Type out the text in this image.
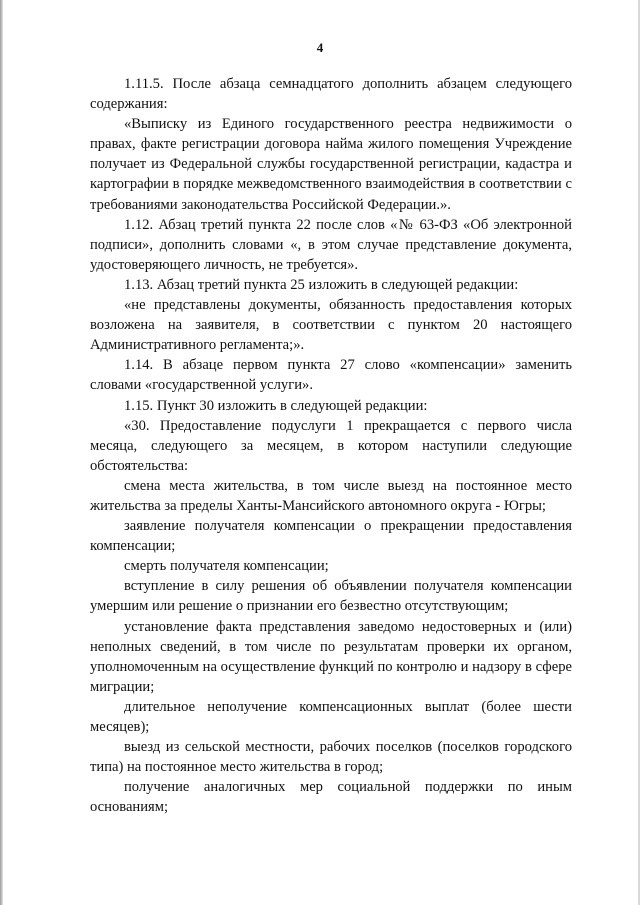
4

1.11.5. После абзаца семнадцатого дополнить абзацем следующего содержания:

«Выписку из Единого государственного реестра недвижимости о правах, факте регистрации договора найма жилого помещения Учреждение получает из Федеральной службы государственной регистрации, кадастра и картографии в порядке межведомственного взаимодействия в соответствии с требованиями законодательства Российской Федерации.».

1.12. Абзац третий пункта 22 после слов «№ 63-ФЗ «Об электронной подписи», дополнить словами «, в этом случае представление документа, удостоверяющего личность, не требуется».

1.13. Абзац третий пункта 25 изложить в следующей редакции:

«не представлены документы, обязанность предоставления которых возложена на заявителя, в соответствии с пунктом 20 настоящего Административного регламента;».

1.14. В абзаце первом пункта 27 слово «компенсации» заменить словами «государственной услуги».

1.15. Пункт 30 изложить в следующей редакции:

«30. Предоставление подуслуги 1 прекращается с первого числа месяца, следующего за месяцем, в котором наступили следующие обстоятельства:

смена места жительства, в том числе выезд на постоянное место жительства за пределы Ханты-Мансийского автономного округа - Югры;

заявление получателя компенсации о прекращении предоставления компенсации;

смерть получателя компенсации;

вступление в силу решения об объявлении получателя компенсации умершим или решение о признании его безвестно отсутствующим;

установление факта представления заведомо недостоверных и (или) неполных сведений, в том числе по результатам проверки их органом, уполномоченным на осуществление функций по контролю и надзору в сфере миграции;

длительное неполучение компенсационных выплат (более шести месяцев);

выезд из сельской местности, рабочих поселков (поселков городского типа) на постоянное место жительства в город;

получение аналогичных мер социальной поддержки по иным основаниям;
